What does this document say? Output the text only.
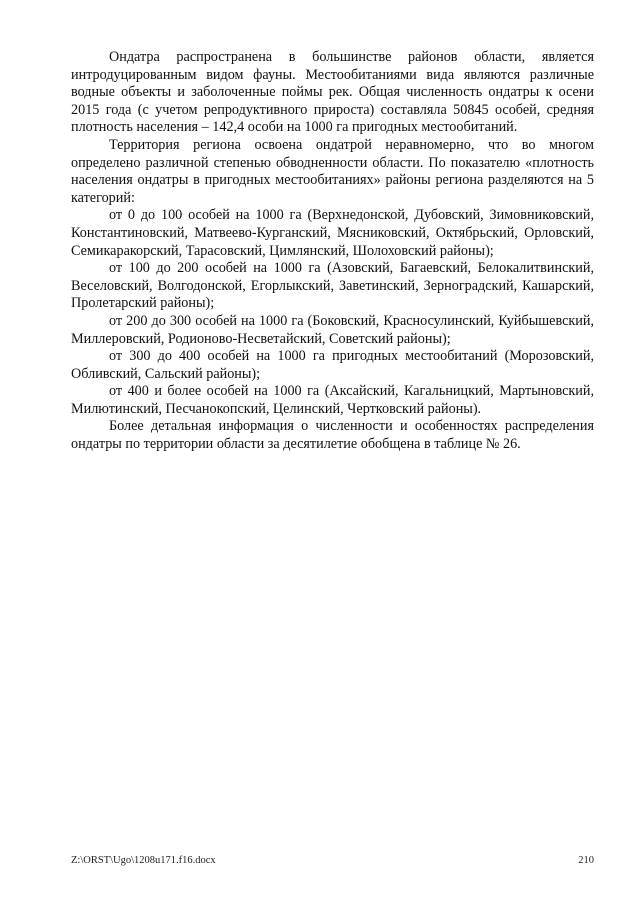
Ондатра распространена в большинстве районов области, является интродуцированным видом фауны. Местообитаниями вида являются различные водные объекты и заболоченные поймы рек. Общая численность ондатры к осени 2015 года (с учетом репродуктивного прироста) составляла 50845 особей, средняя плотность населения – 142,4 особи на 1000 га пригодных местообитаний.

Территория региона освоена ондатрой неравномерно, что во многом определено различной степенью обводненности области. По показателю «плотность населения ондатры в пригодных местообитаниях» районы региона разделяются на 5 категорий:

от 0 до 100 особей на 1000 га (Верхнедонской, Дубовский, Зимовниковский, Константиновский, Матвеево-Курганский, Мясниковский, Октябрьский, Орловский, Семикаракорский, Тарасовский, Цимлянский, Шолоховский районы);

от 100 до 200 особей на 1000 га (Азовский, Багаевский, Белокалитвинский, Веселовский, Волгодонской, Егорлыкский, Заветинский, Зерноградский, Кашарский, Пролетарский районы);

от 200 до 300 особей на 1000 га (Боковский, Красносулинский, Куйбышевский, Миллеровский, Родионово-Несветайский, Советский районы);

от 300 до 400 особей на 1000 га пригодных местообитаний (Морозовский, Обливский, Сальский районы);

от 400 и более особей на 1000 га (Аксайский, Кагальницкий, Мартыновский, Милютинский, Песчанокопский, Целинский, Чертковский районы).

Более детальная информация о численности и особенностях распределения ондатры по территории области за десятилетие обобщена в таблице № 26.

Z:\ORST\Ugo\1208u171.f16.docx	210
